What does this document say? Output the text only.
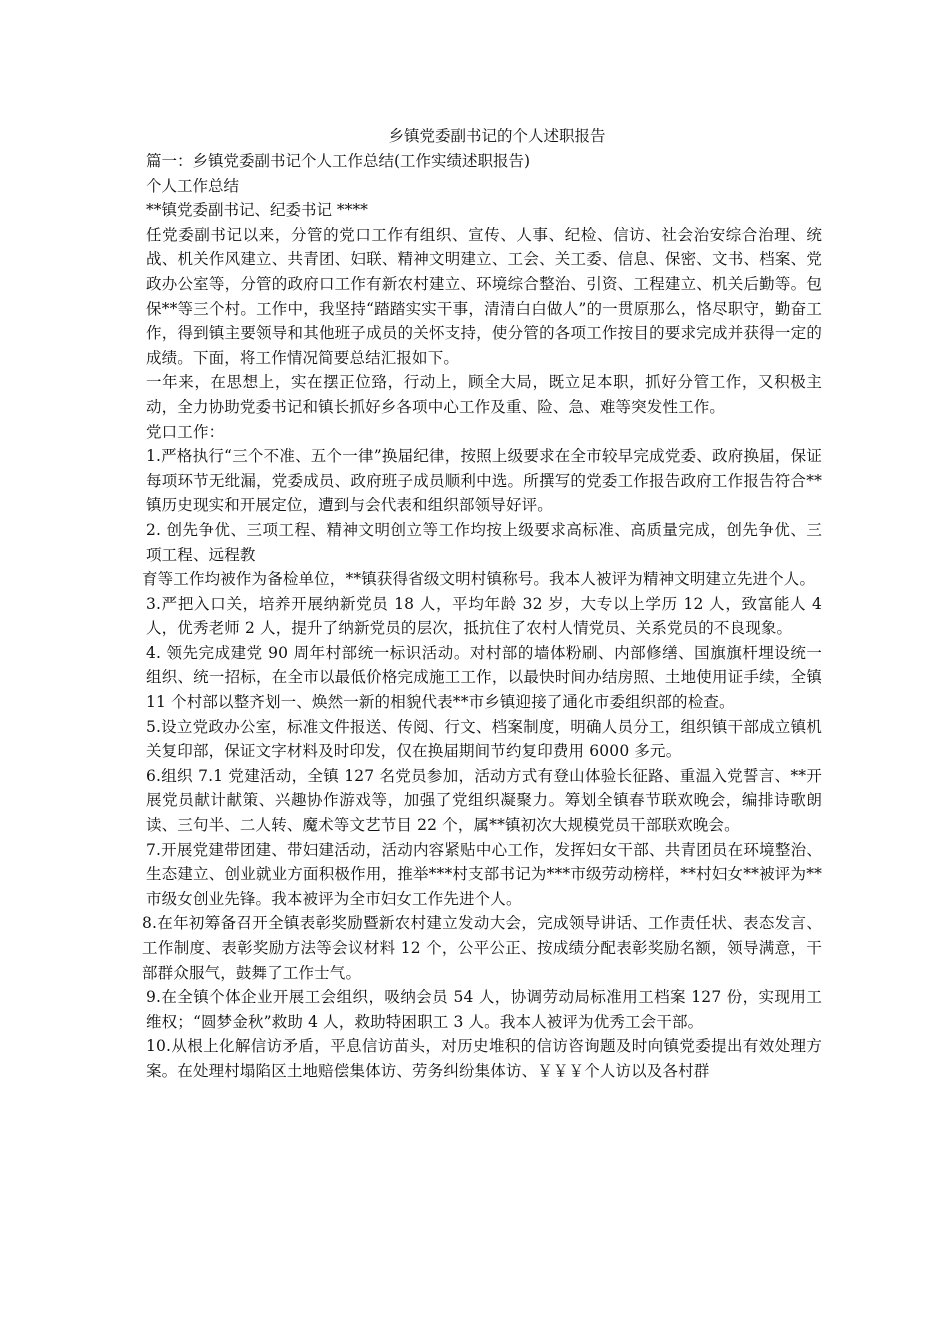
乡镇党委副书记的个人述职报告

篇一：乡镇党委副书记个人工作总结(工作实绩述职报告)

个人工作总结

**镇党委副书记、纪委书记 ****

任党委副书记以来，分管的党口工作有组织、宣传、人事、纪检、信访、社会治安综合治理、统战、机关作风建立、共青团、妇联、精神文明建立、工会、关工委、信息、保密、文书、档案、党政办公室等，分管的政府口工作有新农村建立、环境综合整治、引资、工程建立、机关后勤等。包保**等三个村。工作中，我坚持“踏踏实实干事，清清白白做人”的一贯原那么，恪尽职守，勤奋工作，得到镇主要领导和其他班子成员的关怀支持，使分管的各项工作按目的要求完成并获得一定的成绩。下面，将工作情况简要总结汇报如下。

一年来，在思想上，实在摆正位臵，行动上，顾全大局，既立足本职，抓好分管工作，又积极主动，全力协助党委书记和镇长抓好乡各项中心工作及重、险、急、难等突发性工作。

党口工作：

1.严格执行“三个不准、五个一律”换届纪律，按照上级要求在全市较早完成党委、政府换届，保证每项环节无纰漏，党委成员、政府班子成员顺利中选。所撰写的党委工作报告政府工作报告符合**镇历史现实和开展定位，遭到与会代表和组织部领导好评。

2. 创先争优、三项工程、精神文明创立等工作均按上级要求高标准、高质量完成，创先争优、三项工程、远程教

育等工作均被作为备检单位，**镇获得省级文明村镇称号。我本人被评为精神文明建立先进个人。

3.严把入口关，培养开展纳新党员 18 人，平均年龄 32 岁，大专以上学历 12 人，致富能人 4 人，优秀老师 2 人，提升了纳新党员的层次，抵抗住了农村人情党员、关系党员的不良现象。

4. 领先完成建党 90 周年村部统一标识活动。对村部的墙体粉刷、内部修缮、国旗旗杆埋设统一组织、统一招标，在全市以最低价格完成施工工作，以最快时间办结房照、土地使用证手续，全镇 11 个村部以整齐划一、焕然一新的相貌代表**市乡镇迎接了通化市委组织部的检查。

5.设立党政办公室，标准文件报送、传阅、行文、档案制度，明确人员分工，组织镇干部成立镇机关复印部，保证文字材料及时印发，仅在换届期间节约复印费用 6000 多元。

6.组织 7.1 党建活动，全镇 127 名党员参加，活动方式有登山体验长征路、重温入党誓言、**开展党员献计献策、兴趣协作游戏等，加强了党组织凝聚力。筹划全镇春节联欢晚会，编排诗歌朗读、三句半、二人转、魔术等文艺节目 22 个，属**镇初次大规模党员干部联欢晚会。

7.开展党建带团建、带妇建活动，活动内容紧贴中心工作，发挥妇女干部、共青团员在环境整治、生态建立、创业就业方面积极作用，推举***村支部书记为***市级劳动榜样，**村妇女**被评为**市级女创业先锋。我本被评为全市妇女工作先进个人。

8.在年初筹备召开全镇表彰奖励暨新农村建立发动大会，完成领导讲话、工作责任状、表态发言、工作制度、表彰奖励方法等会议材料 12 个，公平公正、按成绩分配表彰奖励名额，领导满意，干部群众服气，鼓舞了工作士气。

9.在全镇个体企业开展工会组织，吸纳会员 54 人，协调劳动局标准用工档案 127 份，实现用工维权；“圆梦金秋”救助 4 人，救助特困职工 3 人。我本人被评为优秀工会干部。

10.从根上化解信访矛盾，平息信访苗头，对历史堆积的信访咨询题及时向镇党委提出有效处理方案。在处理村塌陷区土地赔偿集体访、劳务纠纷集体访、￥￥￥个人访以及各村群
